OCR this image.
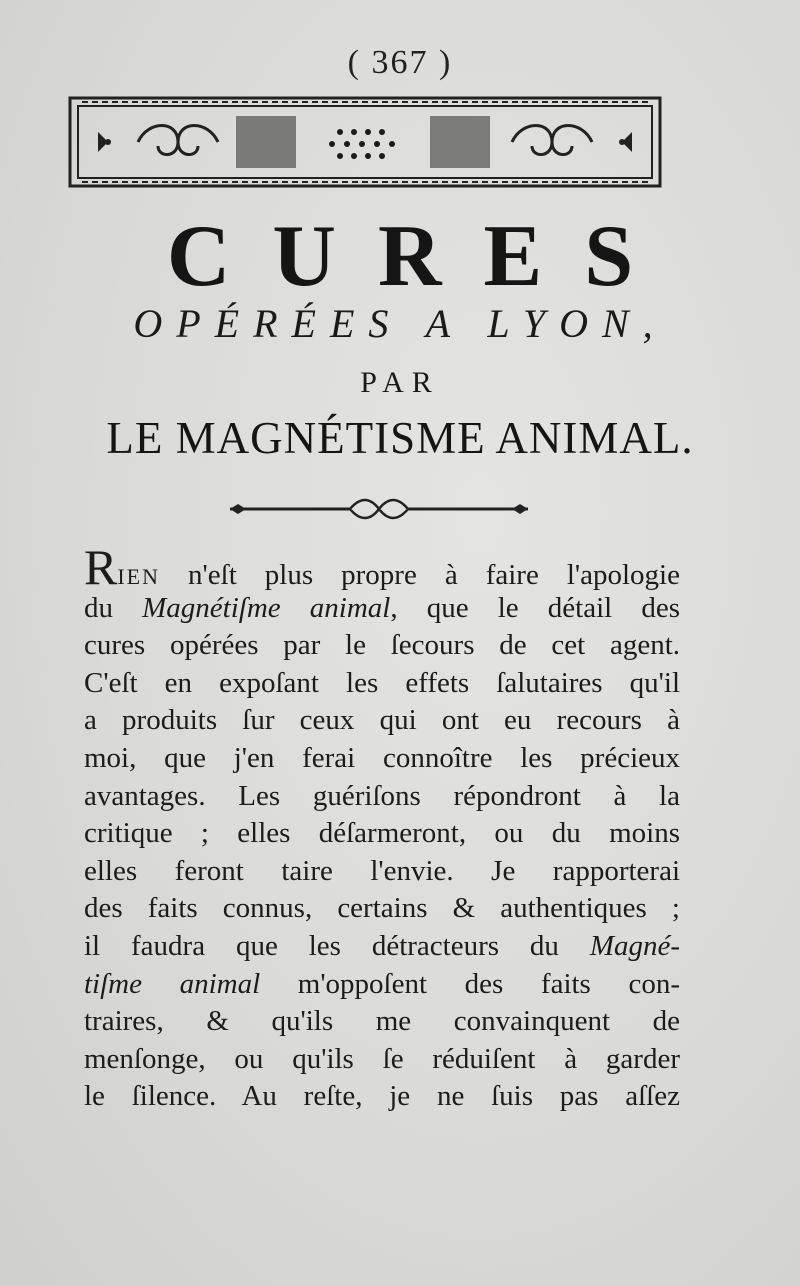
( 367 )
CURES
OPÉRÉES A LYON,
PAR
LE MAGNÉTISME ANIMAL.
RIEN n'eſt plus propre à faire l'apologie
du Magnétiſme animal, que le détail des
cures opérées par le ſecours de cet agent.
C'eſt en expoſant les effets ſalutaires qu'il
a produits ſur ceux qui ont eu recours à
moi, que j'en ferai connoître les précieux
avantages. Les guériſons répondront à la
critique ; elles déſarmeront, ou du moins
elles feront taire l'envie. Je rapporterai
des faits connus, certains & authentiques ;
il faudra que les détracteurs du Magné-
tiſme animal m'oppoſent des faits con-
traires, & qu'ils me convainquent de
menſonge, ou qu'ils ſe réduiſent à garder
le ſilence. Au reſte, je ne ſuis pas aſſez
